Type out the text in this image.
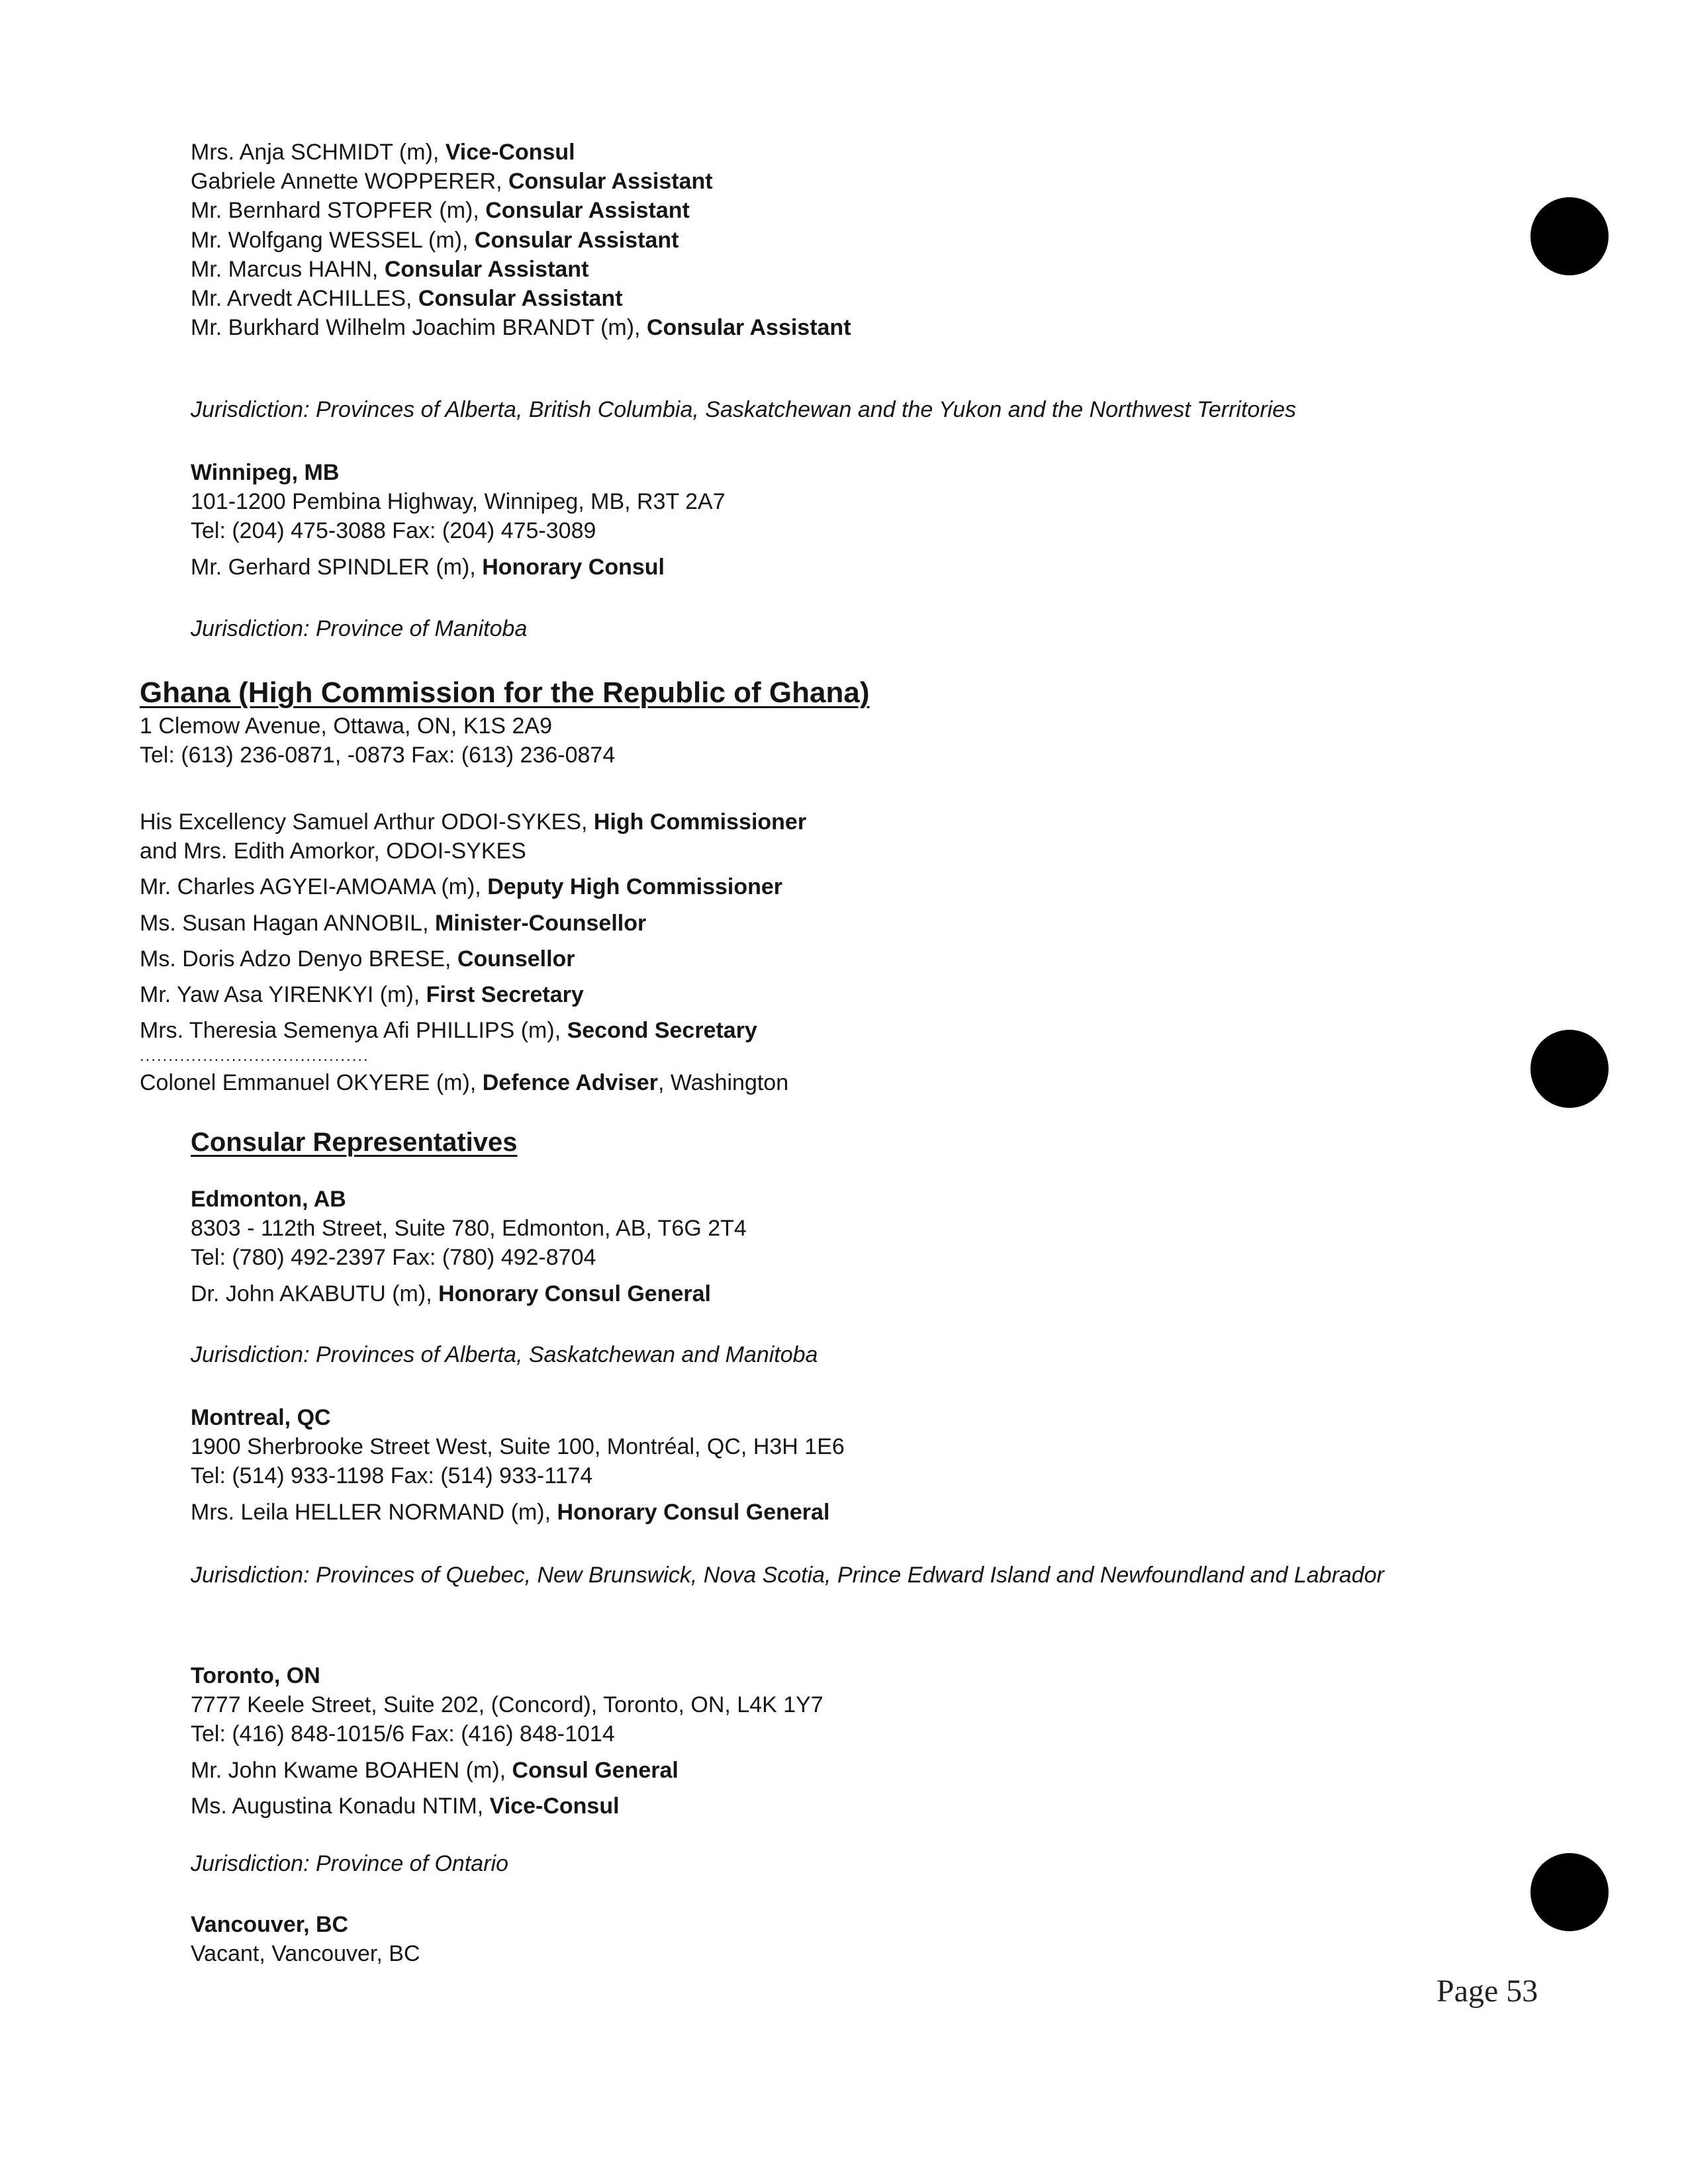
Mrs. Anja SCHMIDT (m), Vice-Consul

Gabriele Annette WOPPERER, Consular Assistant

Mr. Bernhard STOPFER (m), Consular Assistant

Mr. Wolfgang WESSEL (m), Consular Assistant

Mr. Marcus HAHN, Consular Assistant

Mr. Arvedt ACHILLES, Consular Assistant

Mr. Burkhard Wilhelm Joachim BRANDT (m), Consular Assistant

Jurisdiction: Provinces of Alberta, British Columbia, Saskatchewan and the Yukon and the Northwest Territories

Winnipeg, MB

101-1200 Pembina Highway, Winnipeg, MB, R3T 2A7

Tel: (204) 475-3088 Fax: (204) 475-3089

Mr. Gerhard SPINDLER (m), Honorary Consul

Jurisdiction: Province of Manitoba

Ghana (High Commission for the Republic of Ghana)

1 Clemow Avenue, Ottawa, ON, K1S 2A9

Tel: (613) 236-0871, -0873 Fax: (613) 236-0874

His Excellency Samuel Arthur ODOI-SYKES, High Commissioner

and Mrs. Edith Amorkor, ODOI-SYKES

Mr. Charles AGYEI-AMOAMA (m), Deputy High Commissioner

Ms. Susan Hagan ANNOBIL, Minister-Counsellor

Ms. Doris Adzo Denyo BRESE, Counsellor

Mr. Yaw Asa YIRENKYI (m), First Secretary

Mrs. Theresia Semenya Afi PHILLIPS (m), Second Secretary

........................................

Colonel Emmanuel OKYERE (m), Defence Adviser, Washington

Consular Representatives

Edmonton, AB

8303 - 112th Street, Suite 780, Edmonton, AB, T6G 2T4

Tel: (780) 492-2397 Fax: (780) 492-8704

Dr. John AKABUTU (m), Honorary Consul General

Jurisdiction: Provinces of Alberta, Saskatchewan and Manitoba

Montreal, QC

1900 Sherbrooke Street West, Suite 100, Montréal, QC, H3H 1E6

Tel: (514) 933-1198 Fax: (514) 933-1174

Mrs. Leila HELLER NORMAND (m), Honorary Consul General

Jurisdiction: Provinces of Quebec, New Brunswick, Nova Scotia, Prince Edward Island and Newfoundland and Labrador

Toronto, ON

7777 Keele Street, Suite 202, (Concord), Toronto, ON, L4K 1Y7

Tel: (416) 848-1015/6 Fax: (416) 848-1014

Mr. John Kwame BOAHEN (m), Consul General

Ms. Augustina Konadu NTIM, Vice-Consul

Jurisdiction: Province of Ontario

Vancouver, BC

Vacant, Vancouver, BC

Page 53
